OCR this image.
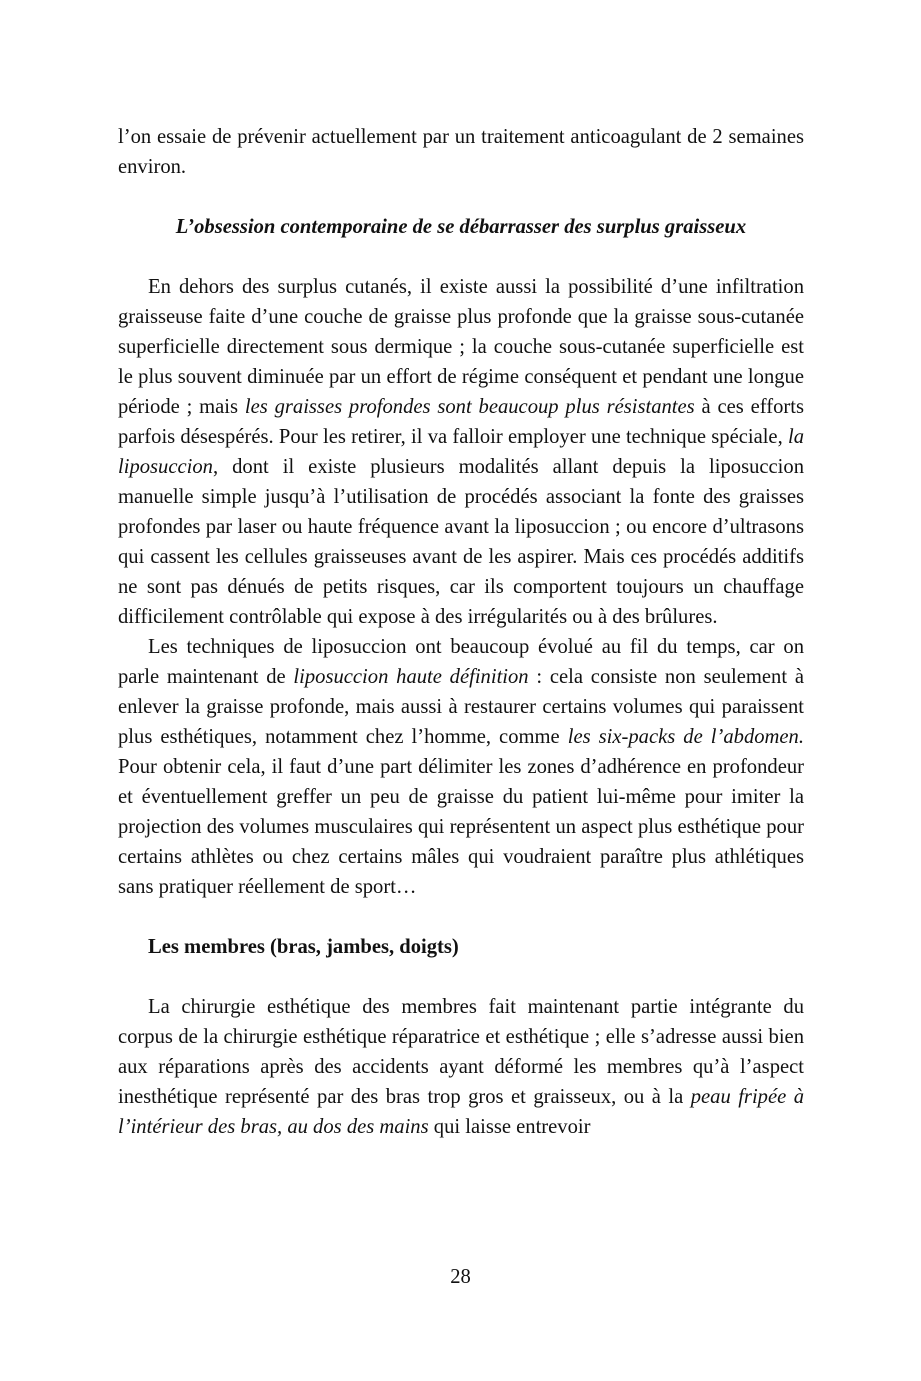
l’on essaie de prévenir actuellement par un traitement anticoagulant de 2 semaines environ.

L’obsession contemporaine de se débarrasser des surplus graisseux

En dehors des surplus cutanés, il existe aussi la possibilité d’une infiltration graisseuse faite d’une couche de graisse plus profonde que la graisse sous-cutanée superficielle directement sous dermique ; la couche sous-cutanée superficielle est le plus souvent diminuée par un effort de régime conséquent et pendant une longue période ; mais les graisses profondes sont beaucoup plus résistantes à ces efforts parfois désespérés. Pour les retirer, il va falloir employer une technique spéciale, la liposuccion, dont il existe plusieurs modalités allant depuis la liposuccion manuelle simple jusqu’à l’utilisation de procédés associant la fonte des graisses profondes par laser ou haute fréquence avant la liposuccion ; ou encore d’ultrasons qui cassent les cellules graisseuses avant de les aspirer. Mais ces procédés additifs ne sont pas dénués de petits risques, car ils comportent toujours un chauffage difficilement contrôlable qui expose à des irrégularités ou à des brûlures.

Les techniques de liposuccion ont beaucoup évolué au fil du temps, car on parle maintenant de liposuccion haute définition : cela consiste non seulement à enlever la graisse profonde, mais aussi à restaurer certains volumes qui paraissent plus esthétiques, notamment chez l’homme, comme les six-packs de l’abdomen. Pour obtenir cela, il faut d’une part délimiter les zones d’adhérence en profondeur et éventuellement greffer un peu de graisse du patient lui-même pour imiter la projection des volumes musculaires qui représentent un aspect plus esthétique pour certains athlètes ou chez certains mâles qui voudraient paraître plus athlétiques sans pratiquer réellement de sport…

Les membres (bras, jambes, doigts)

La chirurgie esthétique des membres fait maintenant partie intégrante du corpus de la chirurgie esthétique réparatrice et esthétique ; elle s’adresse aussi bien aux réparations après des accidents ayant déformé les membres qu’à l’aspect inesthétique représenté par des bras trop gros et graisseux, ou à la peau fripée à l’intérieur des bras, au dos des mains qui laisse entrevoir

28
